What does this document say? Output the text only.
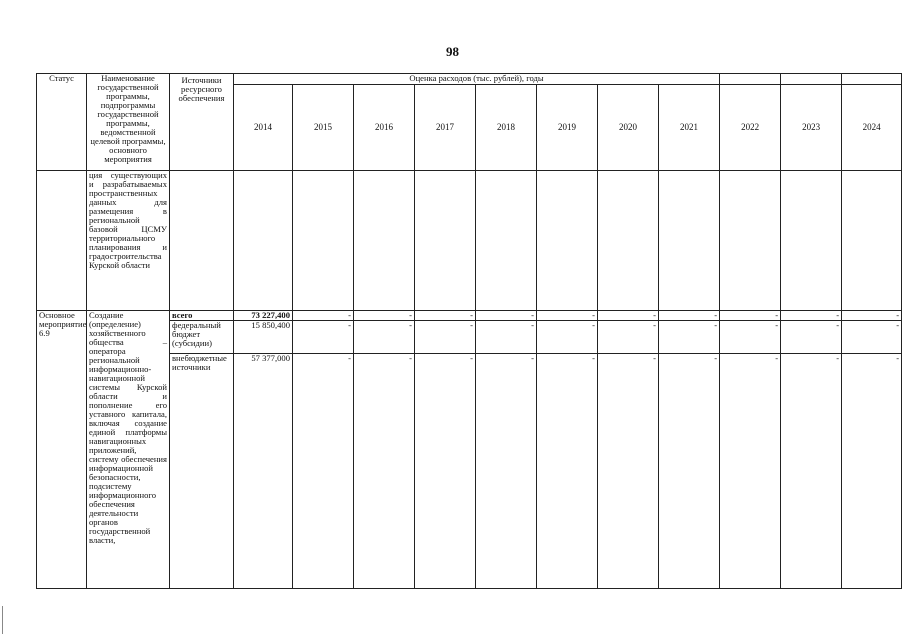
98
Статус	Наименование государственной программы, подпрограммы государственной программы, ведомственной целевой программы, основного мероприятия	Источники ресурсного обеспечения	Оценка расходов (тыс. рублей), годы										
			2014	2015	2016	2017	2018	2019	2020	2021	2022	2023	2024
	ция существующих и разрабатываемых пространственных данных для размещения в региональной базовой ЦСМУ территориального планирования и градостроительства Курской области												
Основное мероприятие 6.9	Создание (определение) хозяйственного общества – оператора региональной информационно-навигационной системы Курской области и пополнение его уставного капитала, включая создание единой платформы навигационных приложений, систему обеспечения информационной безопасности, подсистему информационного обеспечения деятельности органов государственной власти,	всего	73 227,400	-	-	-	-	-	-	-	-	-	-
		федеральный бюджет (субсидии)	15 850,400	-	-	-	-	-	-	-	-	-	-
		внебюджетные источники	57 377,000	-	-	-	-	-	-	-	-	-	-
